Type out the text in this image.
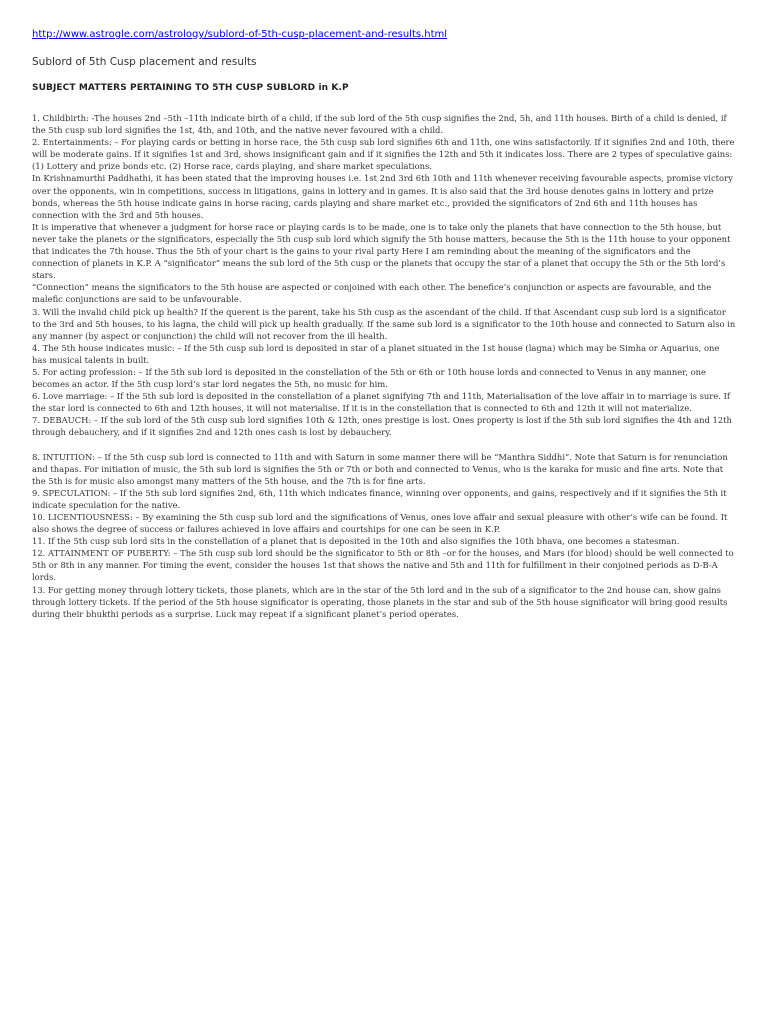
http://www.astrogle.com/astrology/sublord-of-5th-cusp-placement-and-results.html
Sublord of 5th Cusp placement and results
SUBJECT MATTERS PERTAINING TO 5TH CUSP SUBLORD in K.P

1. Childbirth: -The houses 2nd –5th –11th indicate birth of a child, if the sub lord of the 5th cusp signifies the 2nd, 5h, and 11th houses. Birth of a child is denied, if the 5th cusp sub lord signifies the 1st, 4th, and 10th, and the native never favoured with a child.

2. Entertainments: – For playing cards or betting in horse race, the 5th cusp sub lord signifies 6th and 11th, one wins satisfactorily. If it signifies 2nd and 10th, there will be moderate gains. If it signifies 1st and 3rd, shows insignificant gain and if it signifies the 12th and 5th it indicates loss. There are 2 types of speculative gains: (1) Lottery and prize bonds etc. (2) Horse race, cards playing, and share market speculations.

In Krishnamurthi Paddhathi, it has been stated that the improving houses i.e. 1st 2nd 3rd 6th 10th and 11th whenever receiving favourable aspects, promise victory over the opponents, win in competitions, success in litigations, gains in lottery and in games. It is also said that the 3rd house denotes gains in lottery and prize bonds, whereas the 5th house indicate gains in horse racing, cards playing and share market etc., provided the significators of 2nd 6th and 11th houses has connection with the 3rd and 5th houses.

It is imperative that whenever a judgment for horse race or playing cards is to be made, one is to take only the planets that have connection to the 5th house, but never take the planets or the significators, especially the 5th cusp sub lord which signify the 5th house matters, because the 5th is the 11th house to your opponent that indicates the 7th house. Thus the 5th of your chart is the gains to your rival party Here I am reminding about the meaning of the significators and the connection of planets in K.P. A “significator” means the sub lord of the 5th cusp or the planets that occupy the star of a planet that occupy the 5th or the 5th lord’s stars.

“Connection” means the significators to the 5th house are aspected or conjoined with each other. The benefice’s conjunction or aspects are favourable, and the malefic conjunctions are said to be unfavourable.

3. Will the invalid child pick up health? If the querent is the parent, take his 5th cusp as the ascendant of the child. If that Ascendant cusp sub lord is a significator to the 3rd and 5th houses, to his lagna, the child will pick up health gradually. If the same sub lord is a significator to the 10th house and connected to Saturn also in any manner (by aspect or conjunction) the child will not recover from the ill health.

4. The 5th house indicates music: – If the 5th cusp sub lord is deposited in star of a planet situated in the 1st house (lagna) which may be Simha or Aquarius, one has musical talents in built.

5. For acting profession: – If the 5th sub lord is deposited in the constellation of the 5th or 6th or 10th house lords and connected to Venus in any manner, one becomes an actor. If the 5th cusp lord’s star lord negates the 5th, no music for him.

6. Love marriage: – If the 5th sub lord is deposited in the constellation of a planet signifying 7th and 11th, Materialisation of the love affair in to marriage is sure. If the star lord is connected to 6th and 12th houses, it will not materialise. If it is in the constellation that is connected to 6th and 12th it will not materialize.

7. DEBAUCH: – If the sub lord of the 5th cusp sub lord signifies 10th & 12th, ones prestige is lost. Ones property is lost if the 5th sub lord signifies the 4th and 12th through debauchery, and if it signifies 2nd and 12th ones cash is lost by debauchery.

8. INTUITION: – If the 5th cusp sub lord is connected to 11th and with Saturn in some manner there will be “Manthra Siddhi”. Note that Saturn is for renunciation and thapas. For initiation of music, the 5th sub lord is signifies the 5th or 7th or both and connected to Venus, who is the karaka for music and fine arts. Note that the 5th is for music also amongst many matters of the 5th house, and the 7th is for fine arts.

9. SPECULATION: – If the 5th sub lord signifies 2nd, 6th, 11th which indicates finance, winning over opponents, and gains, respectively and if it signifies the 5th it indicate speculation for the native.

10. LICENTIOUSNESS: – By examining the 5th cusp sub lord and the significations of Venus, ones love affair and sexual pleasure with other’s wife can be found. It also shows the degree of success or failures achieved in love affairs and courtships for one can be seen in K.P.

11. If the 5th cusp sub lord sits in the constellation of a planet that is deposited in the 10th and also signifies the 10th bhava, one becomes a statesman.

12. ATTAINMENT OF PUBERTY: – The 5th cusp sub lord should be the significator to 5th or 8th –or for the houses, and Mars (for blood) should be well connected to 5th or 8th in any manner. For timing the event, consider the houses 1st that shows the native and 5th and 11th for fulfillment in their conjoined periods as D-B-A lords.

13. For getting money through lottery tickets, those planets, which are in the star of the 5th lord and in the sub of a significator to the 2nd house can, show gains through lottery tickets. If the period of the 5th house significator is operating, those planets in the star and sub of the 5th house significator will bring good results during their bhukthi periods as a surprise. Luck may repeat if a significant planet’s period operates.
